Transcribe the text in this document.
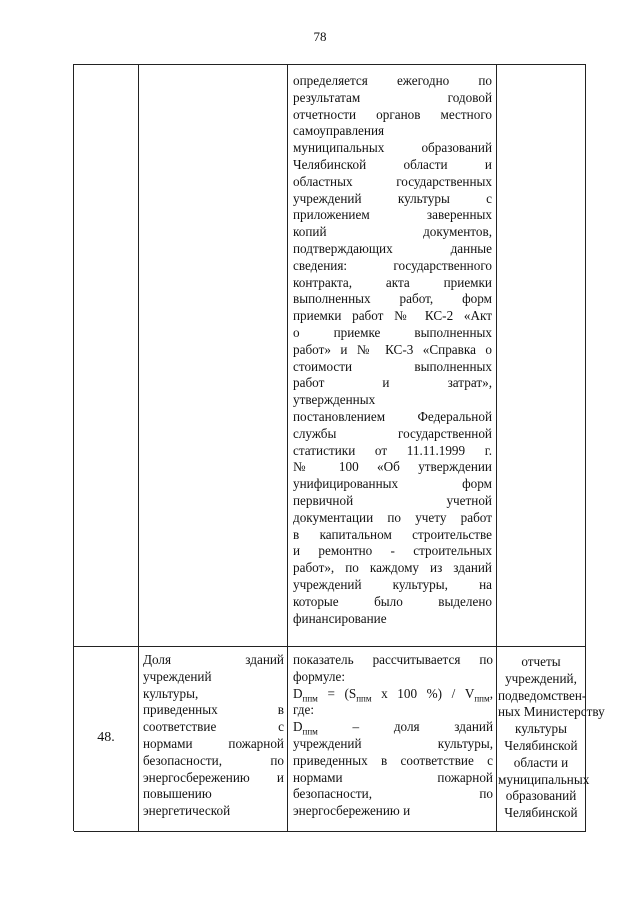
78
определяется ежегодно по
результатам годовой
отчетности органов местного
самоуправления
муниципальных образований
Челябинской области и
областных государственных
учреждений культуры с
приложением заверенных
копий документов,
подтверждающих данные
сведения: государственного
контракта, акта приемки
выполненных работ, форм
приемки работ № КС-2 «Акт
о приемке выполненных
работ» и № КС-3 «Справка о
стоимости выполненных
работ и затрат»,
утвержденных
постановлением Федеральной
службы государственной
статистики от 11.11.1999 г.
№ 100 «Об утверждении
унифицированных форм
первичной учетной
документации по учету работ
в капитальном строительстве
и ремонтно - строительных
работ», по каждому из зданий
учреждений культуры, на
которые было выделено
финансирование
48.
Доля зданий
учреждений
культуры,
приведенных в
соответствие с
нормами пожарной
безопасности, по
энергосбережению и
повышению
энергетической
показатель рассчитывается по
формуле:
$D_{ппм} = (S_{ппм}$ x 100 %) / $V_{ппм}$,
где:
$D_{ппм}$ – доля зданий
учреждений культуры,
приведенных в соответствие с
нормами пожарной
безопасности, по
энергосбережению и
отчеты
учреждений,
подведомствен-
ных Министерству
культуры
Челябинской
области и
муниципальных
образований
Челябинской
